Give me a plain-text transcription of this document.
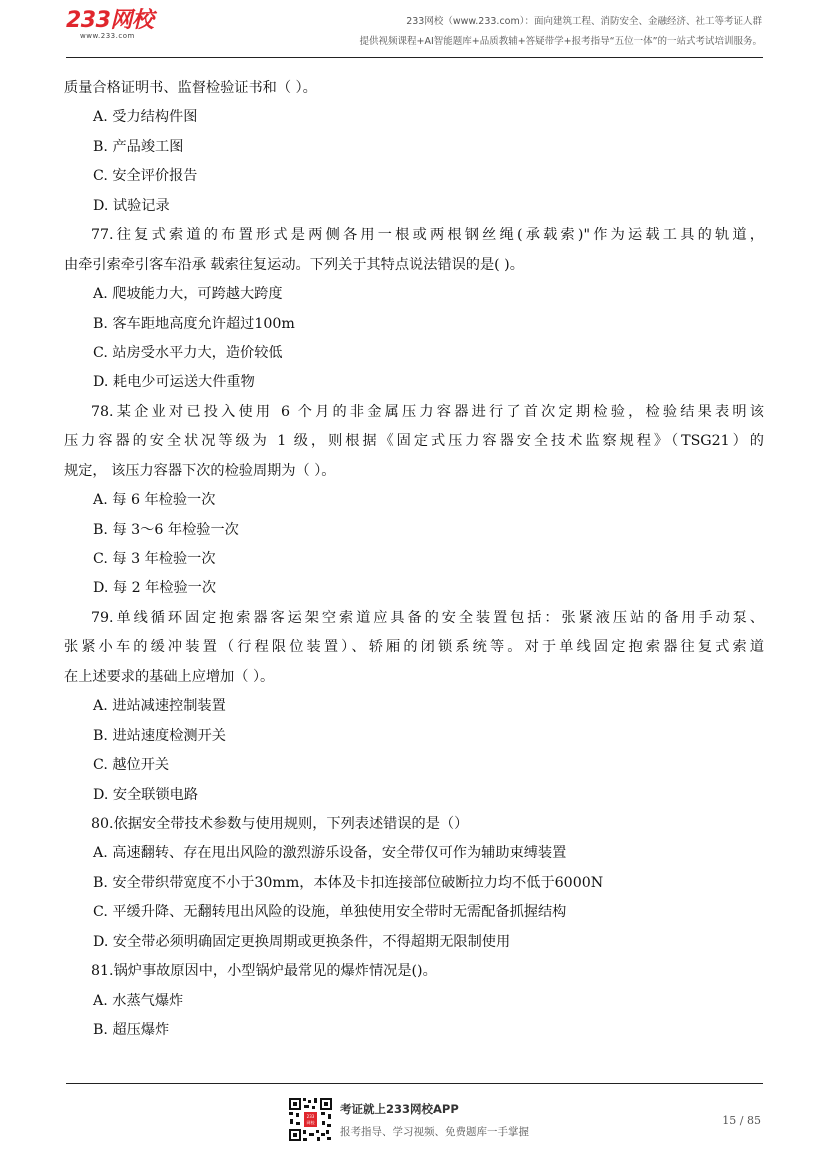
233网校
www.233.com
233网校（www.233.com）：面向建筑工程、消防安全、金融经济、社工等考证人群
提供视频课程+AI智能题库+品质教辅+答疑带学+报考指导“五位一体”的一站式考试培训服务。
质量合格证明书、监督检验证书和（ ）。
A. 受力结构件图
B. 产品竣工图
C. 安全评价报告
D. 试验记录
77.往复式索道的布置形式是两侧各用一根或两根钢丝绳(承载索)"作为运载工具的轨道，
由牵引索牵引客车沿承 载索往复运动。下列关于其特点说法错误的是( )。
A. 爬坡能力大，可跨越大跨度
B. 客车距地高度允许超过100m
C. 站房受水平力大，造价较低
D. 耗电少可运送大件重物
78.某企业对已投入使用 6 个月的非金属压力容器进行了首次定期检验，检验结果表明该
压力容器的安全状况等级为 1 级，则根据《固定式压力容器安全技术监察规程》（TSG21）的
规定， 该压力容器下次的检验周期为（ ）。
A. 每 6 年检验一次
B. 每 3～6 年检验一次
C. 每 3 年检验一次
D. 每 2 年检验一次
79.单线循环固定抱索器客运架空索道应具备的安全装置包括：张紧液压站的备用手动泵、
张紧小车的缓冲装置（行程限位装置）、轿厢的闭锁系统等。对于单线固定抱索器往复式索道
在上述要求的基础上应增加（ ）。
A. 进站减速控制装置
B. 进站速度检测开关
C. 越位开关
D. 安全联锁电路
80.依据安全带技术参数与使用规则，下列表述错误的是（）
A. 高速翻转、存在甩出风险的激烈游乐设备，安全带仅可作为辅助束缚装置
B. 安全带织带宽度不小于30mm，本体及卡扣连接部位破断拉力均不低于6000N
C. 平缓升降、无翻转甩出风险的设施，单独使用安全带时无需配备抓握结构
D. 安全带必须明确固定更换周期或更换条件，不得超期无限制使用
81.锅炉事故原因中，小型锅炉最常见的爆炸情况是()。
A. 水蒸气爆炸
B. 超压爆炸
233
网校
考证就上233网校APP
报考指导、学习视频、免费题库一手掌握
15 / 85
